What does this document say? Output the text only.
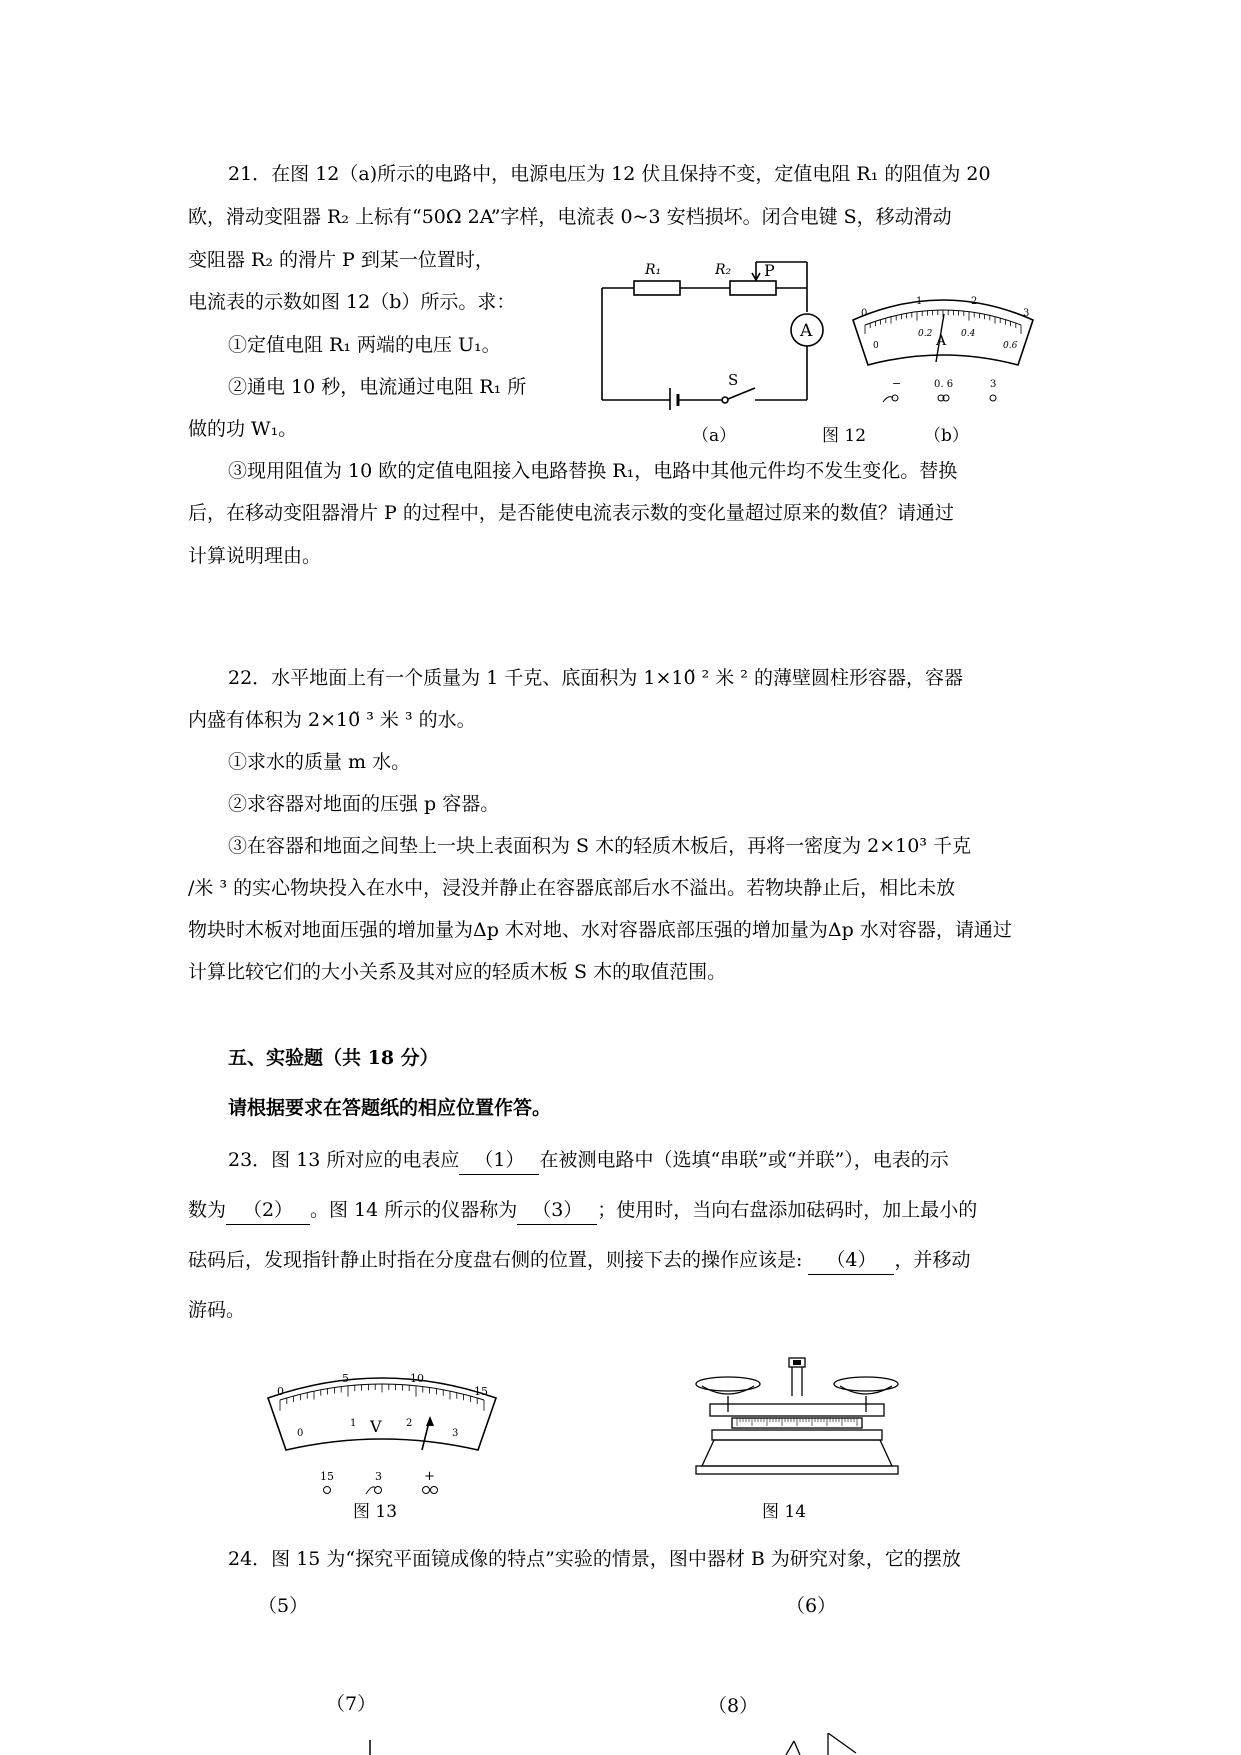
21．在图 12（a)所示的电路中，电源电压为 12 伏且保持不变，定值电阻 R₁ 的阻值为 20
欧，滑动变阻器 R₂ 上标有“50Ω 2A”字样，电流表 0~3 安档损坏。闭合电键 S，移动滑动
变阻器 R₂ 的滑片 P 到某一位置时，
电流表的示数如图 12（b）所示。求：
①定值电阻 R₁ 两端的电压 U₁。
②通电 10 秒，电流通过电阻 R₁ 所
做的功 W₁。
③现用阻值为 10 欧的定值电阻接入电路替换 R₁，电路中其他元件均不发生变化。替换
后，在移动变阻器滑片 P 的过程中，是否能使电流表示数的变化量超过原来的数值？请通过
计算说明理由。
R₁	R₂ P
A
S
0
1	2
3
0
0.2	0.4
0.6
A
−	0. 6	3
（a）	图 12	（b）
22．水平地面上有一个质量为 1 千克、底面积为 1×10̃ ² 米 ² 的薄壁圆柱形容器，容器
内盛有体积为 2×10̃ ³ 米 ³ 的水。
①求水的质量 m 水。
②求容器对地面的压强 p 容器。
③在容器和地面之间垫上一块上表面积为 S 木的轻质木板后，再将一密度为 2×10³ 千克
/米 ³ 的实心物块投入在水中，浸没并静止在容器底部后水不溢出。若物块静止后，相比未放
物块时木板对地面压强的增加量为Δp 木对地、水对容器底部压强的增加量为Δp 水对容器，请通过
计算比较它们的大小关系及其对应的轻质木板 S 木的取值范围。
五、实验题（共 18 分）
请根据要求在答题纸的相应位置作答。
23．图 13 所对应的电表应 （1） 在被测电路中（选填“串联”或“并联”），电表的示
数为 （2） 。图 14 所示的仪器称为 （3） ；使用时，当向右盘添加砝码时，加上最小的
砝码后，发现指针静止时指在分度盘右侧的位置，则接下去的操作应该是: （4） ，并移动
游码。
0
5	10
15
0
1	2
3
V
15	3	+
图 13	图 14
24．图 15 为“探究平面镜成像的特点”实验的情景，图中器材 B 为研究对象，它的摆放
（5）	（6）
（7）	（8）
